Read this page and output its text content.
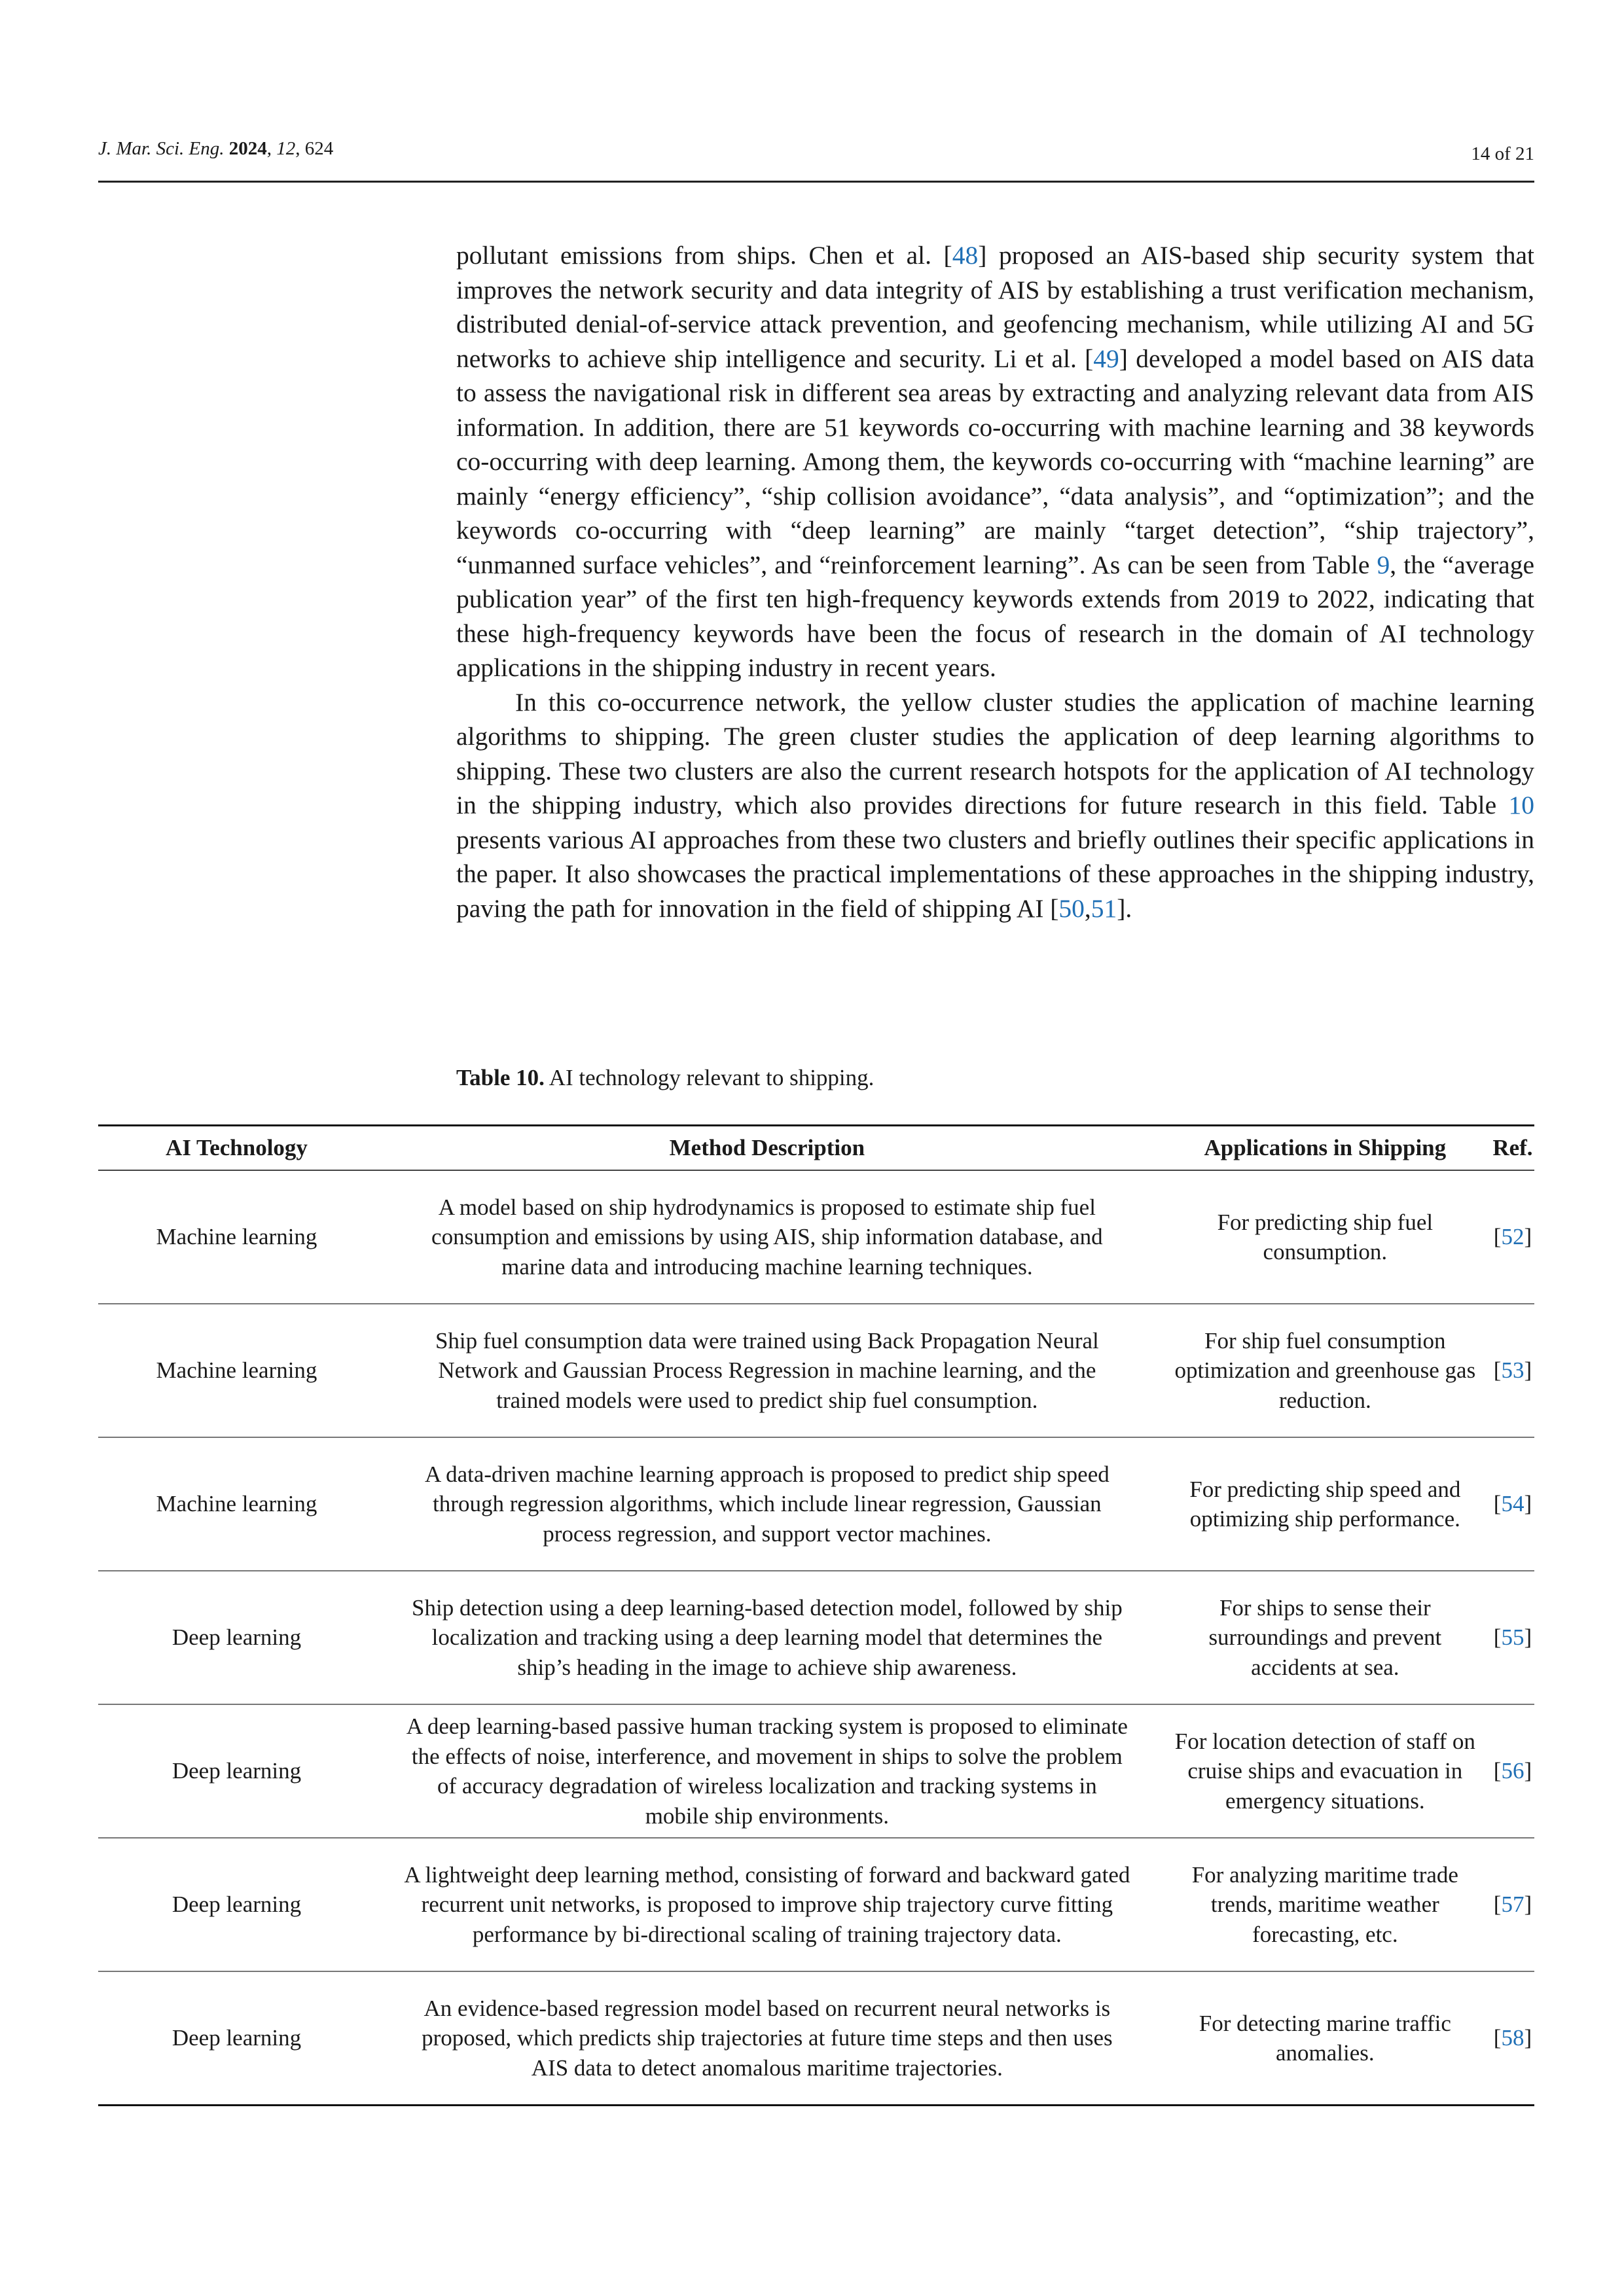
J. Mar. Sci. Eng. 2024, 12, 624	14 of 21

pollutant emissions from ships. Chen et al. [48] proposed an AIS-based ship security system that improves the network security and data integrity of AIS by establishing a trust verification mechanism, distributed denial-of-service attack prevention, and geofencing mechanism, while utilizing AI and 5G networks to achieve ship intelligence and security. Li et al. [49] developed a model based on AIS data to assess the navigational risk in different sea areas by extracting and analyzing relevant data from AIS information. In addition, there are 51 keywords co-occurring with machine learning and 38 keywords co-occurring with deep learning. Among them, the keywords co-occurring with “machine learning” are mainly “energy efficiency”, “ship collision avoidance”, “data analysis”, and “optimization”; and the keywords co-occurring with “deep learning” are mainly “target detection”, “ship trajectory”, “unmanned surface vehicles”, and “reinforcement learning”. As can be seen from Table 9, the “average publication year” of the first ten high-frequency keywords extends from 2019 to 2022, indicating that these high-frequency keywords have been the focus of research in the domain of AI technology applications in the shipping industry in recent years.

In this co-occurrence network, the yellow cluster studies the application of machine learning algorithms to shipping. The green cluster studies the application of deep learning algorithms to shipping. These two clusters are also the current research hotspots for the application of AI technology in the shipping industry, which also provides directions for future research in this field. Table 10 presents various AI approaches from these two clusters and briefly outlines their specific applications in the paper. It also showcases the practical implementations of these approaches in the shipping industry, paving the path for innovation in the field of shipping AI [50,51].

Table 10. AI technology relevant to shipping.
AI Technology	Method Description	Applications in Shipping	Ref.
Machine learning	A model based on ship hydrodynamics is proposed to estimate ship fuel consumption and emissions by using AIS, ship information database, and marine data and introducing machine learning techniques.	For predicting ship fuel consumption.	[52]
Machine learning	Ship fuel consumption data were trained using Back Propagation Neural Network and Gaussian Process Regression in machine learning, and the trained models were used to predict ship fuel consumption.	For ship fuel consumption optimization and greenhouse gas reduction.	[53]
Machine learning	A data-driven machine learning approach is proposed to predict ship speed through regression algorithms, which include linear regression, Gaussian process regression, and support vector machines.	For predicting ship speed and optimizing ship performance.	[54]
Deep learning	Ship detection using a deep learning-based detection model, followed by ship localization and tracking using a deep learning model that determines the ship’s heading in the image to achieve ship awareness.	For ships to sense their surroundings and prevent accidents at sea.	[55]
Deep learning	A deep learning-based passive human tracking system is proposed to eliminate the effects of noise, interference, and movement in ships to solve the problem of accuracy degradation of wireless localization and tracking systems in mobile ship environments.	For location detection of staff on cruise ships and evacuation in emergency situations.	[56]
Deep learning	A lightweight deep learning method, consisting of forward and backward gated recurrent unit networks, is proposed to improve ship trajectory curve fitting performance by bi-directional scaling of training trajectory data.	For analyzing maritime trade trends, maritime weather forecasting, etc.	[57]
Deep learning	An evidence-based regression model based on recurrent neural networks is proposed, which predicts ship trajectories at future time steps and then uses AIS data to detect anomalous maritime trajectories.	For detecting marine traffic anomalies.	[58]
